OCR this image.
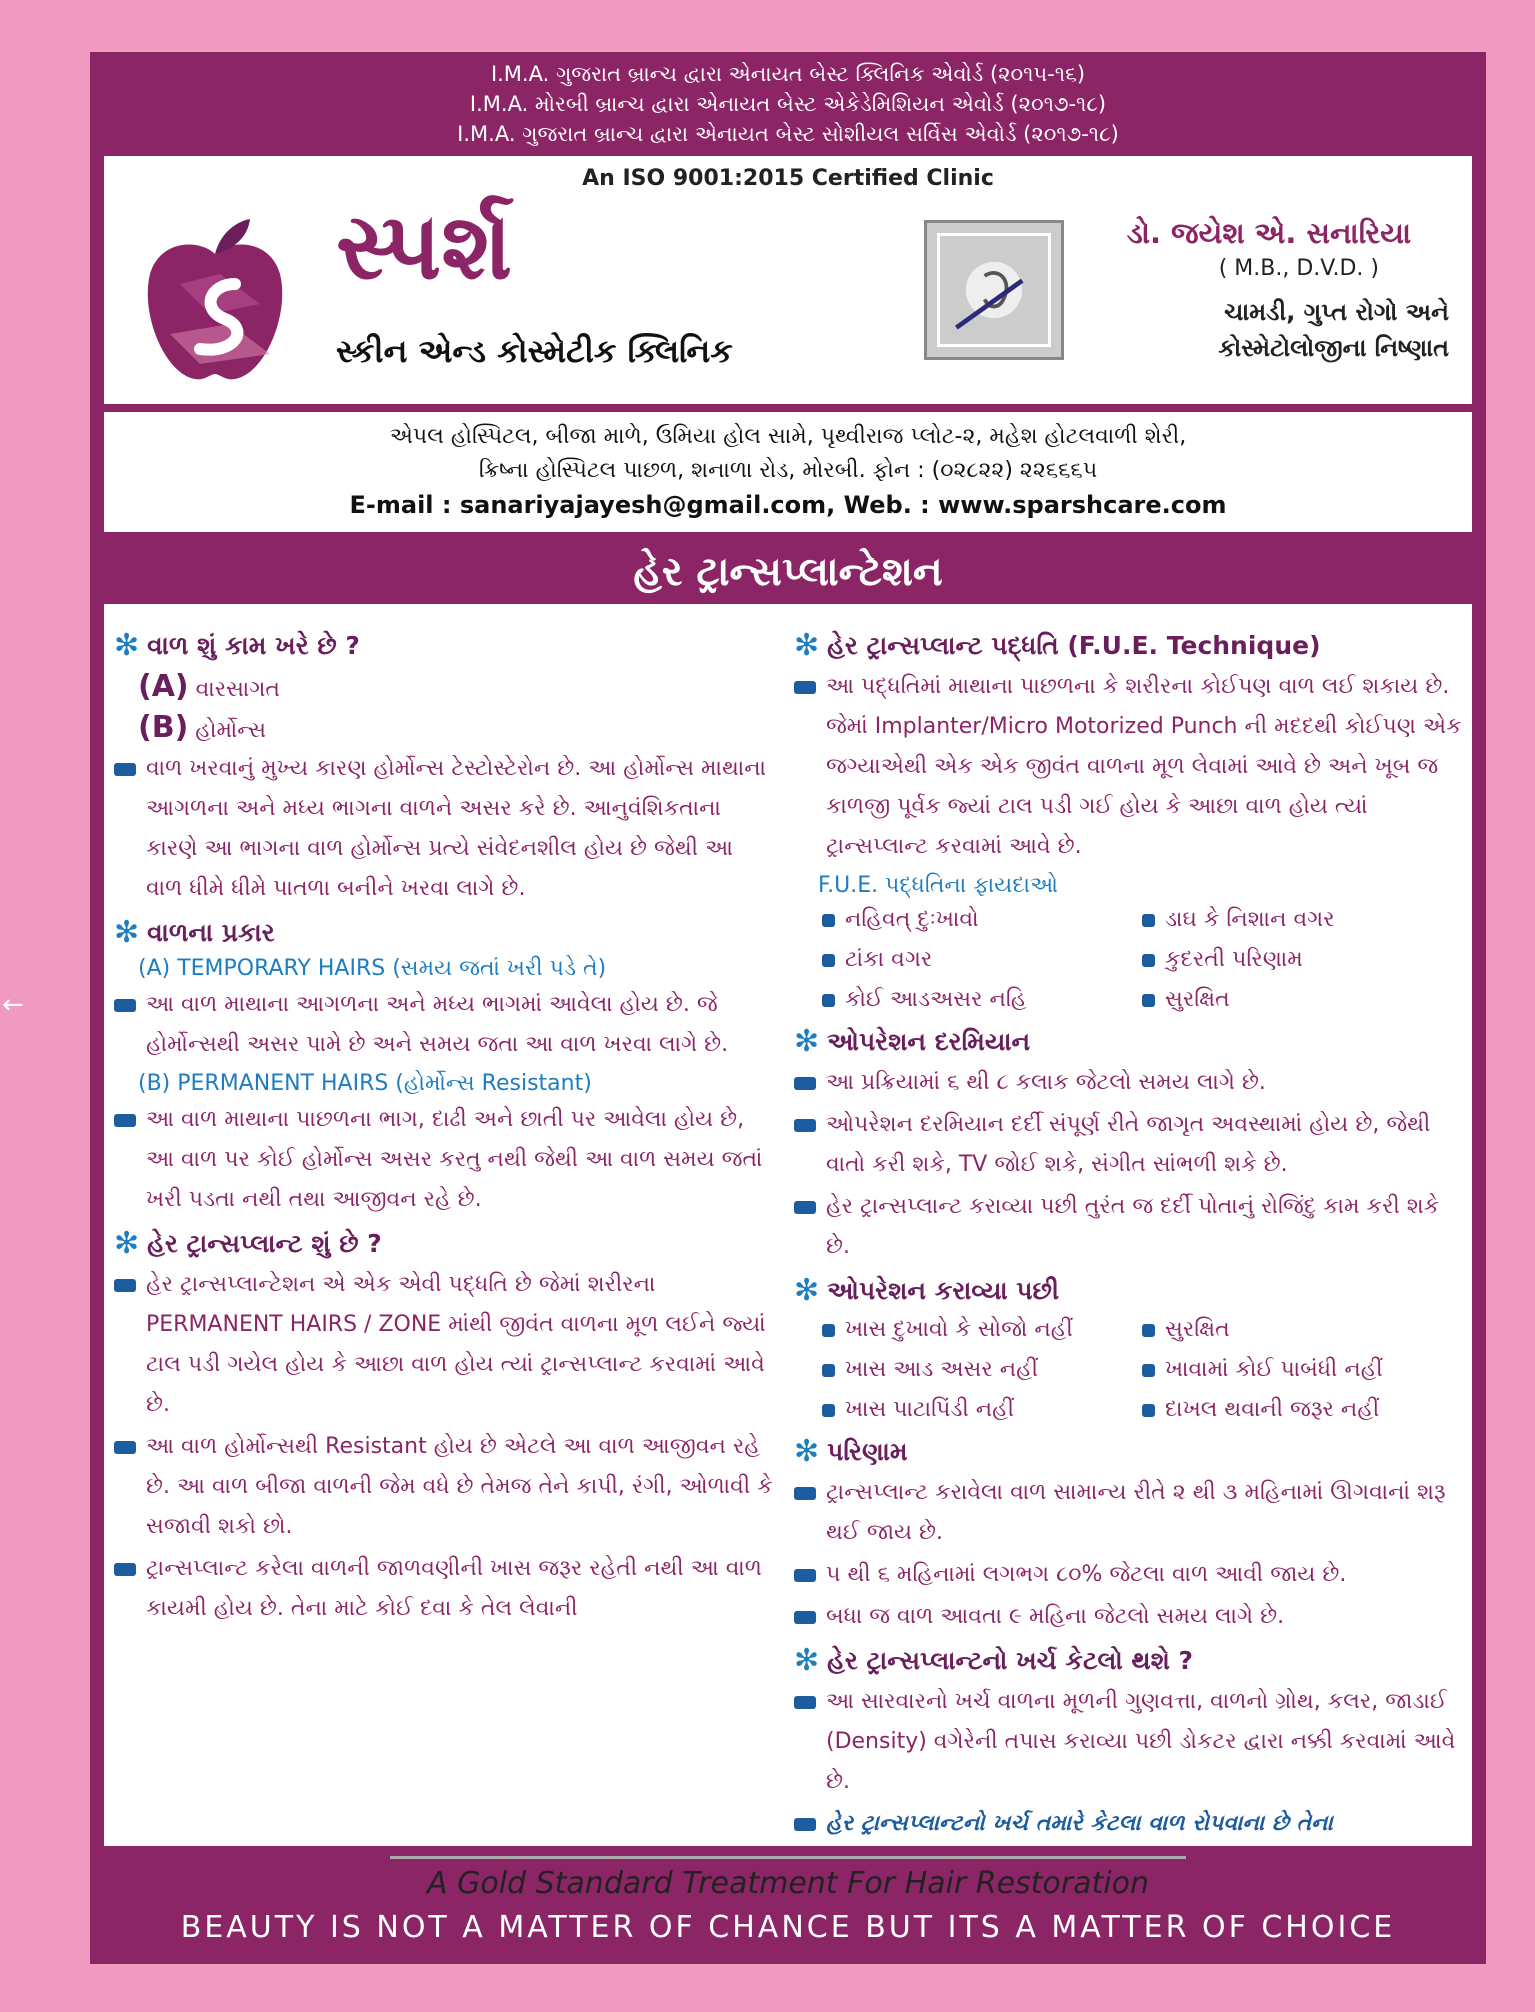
←
I.M.A. ગુજરાત બ્રાન્ચ દ્વારા એનાયત બેસ્ટ ક્લિનિક એવોર્ડ (૨૦૧૫-૧૬)
I.M.A. મોરબી બ્રાન્ચ દ્વારા એનાયત બેસ્ટ એકેડેમિશિયન એવોર્ડ (૨૦૧૭-૧૮)
I.M.A. ગુજરાત બ્રાન્ચ દ્વારા એનાયત બેસ્ટ સોશીયલ સર્વિસ એવોર્ડ (૨૦૧૭-૧૮)
An ISO 9001:2015 Certified Clinic
સ્પર્શ
સ્કીન એન્ડ કોસ્મેટીક ક્લિનિક
ડો. જયેશ એ. સનારિયા
( M.B., D.V.D. )
ચામડી, ગુપ્ત રોગો અને
કોસ્મેટોલોજીના નિષ્ણાત
એપલ હોસ્પિટલ, બીજા માળે, ઉમિયા હોલ સામે, પૃથ્વીરાજ પ્લોટ-૨, મહેશ હોટલવાળી શેરી,
ક્રિષ્ના હોસ્પિટલ પાછળ, શનાળા રોડ, મોરબી. ફોન : (૦૨૮૨૨) ૨૨૬૬૬૫
E-mail : sanariyajayesh@gmail.com, Web. : www.sparshcare.com
હેર ટ્રાન્સપ્લાન્ટેશન
✻ વાળ શું કામ ખરે છે ?
(A) વારસાગત
(B) હોર્મોન્સ
વાળ ખરવાનું મુખ્ય કારણ હોર્મોન્સ ટેસ્ટોસ્ટેરોન છે. આ હોર્મોન્સ માથાના આગળના અને મધ્ય ભાગના વાળને અસર કરે છે. આનુવંશિકતાના કારણે આ ભાગના વાળ હોર્મોન્સ પ્રત્યે સંવેદનશીલ હોય છે જેથી આ વાળ ધીમે ધીમે પાતળા બનીને ખરવા લાગે છે.
✻ વાળના પ્રકાર
(A) TEMPORARY HAIRS (સમય જતાં ખરી પડે તે)
આ વાળ માથાના આગળના અને મધ્ય ભાગમાં આવેલા હોય છે. જે હોર્મોન્સથી અસર પામે છે અને સમય જતા આ વાળ ખરવા લાગે છે.
(B) PERMANENT HAIRS (હોર્મોન્સ Resistant)
આ વાળ માથાના પાછળના ભાગ, દાઢી અને છાતી પર આવેલા હોય છે, આ વાળ પર કોઈ હોર્મોન્સ અસર કરતુ નથી જેથી આ વાળ સમય જતાં ખરી પડતા નથી તથા આજીવન રહે છે.
✻ હેર ટ્રાન્સપ્લાન્ટ શું છે ?
હેર ટ્રાન્સપ્લાન્ટેશન એ એક એવી પદ્ધતિ છે જેમાં શરીરના PERMANENT HAIRS / ZONE માંથી જીવંત વાળના મૂળ લઈને જ્યાં ટાલ પડી ગયેલ હોય કે આછા વાળ હોય ત્યાં ટ્રાન્સપ્લાન્ટ કરવામાં આવે છે.
આ વાળ હોર્મોન્સથી Resistant હોય છે એટલે આ વાળ આજીવન રહે છે. આ વાળ બીજા વાળની જેમ વધે છે તેમજ તેને કાપી, રંગી, ઓળાવી કે સજાવી શકો છો.
ટ્રાન્સપ્લાન્ટ કરેલા વાળની જાળવણીની ખાસ જરૂર રહેતી નથી આ વાળ કાયમી હોય છે. તેના માટે કોઈ દવા કે તેલ લેવાની
✻ હેર ટ્રાન્સપ્લાન્ટ પદ્ધતિ (F.U.E. Technique)
આ પદ્ધતિમાં માથાના પાછળના કે શરીરના કોઈપણ વાળ લઈ શકાય છે. જેમાં Implanter/Micro Motorized Punch ની મદદથી કોઈપણ એક જગ્યાએથી એક એક જીવંત વાળના મૂળ લેવામાં આવે છે અને ખૂબ જ કાળજી પૂર્વક જ્યાં ટાલ પડી ગઈ હોય કે આછા વાળ હોય ત્યાં ટ્રાન્સપ્લાન્ટ કરવામાં આવે છે.
F.U.E. પદ્ધતિના ફાયદાઓ
નહિવત્ દુઃખાવો	ડાઘ કે નિશાન વગર
ટાંકા વગર	કુદરતી પરિણામ
કોઈ આડઅસર નહિ	સુરક્ષિત
✻ ઓપરેશન દરમિયાન
આ પ્રક્રિયામાં ૬ થી ૮ કલાક જેટલો સમય લાગે છે.
ઓપરેશન દરમિયાન દર્દી સંપૂર્ણ રીતે જાગૃત અવસ્થામાં હોય છે, જેથી વાતો કરી શકે, TV જોઈ શકે, સંગીત સાંભળી શકે છે.
હેર ટ્રાન્સપ્લાન્ટ કરાવ્યા પછી તુરંત જ દર્દી પોતાનું રોજિંદુ કામ કરી શકે છે.
✻ ઓપરેશન કરાવ્યા પછી
ખાસ દુખાવો કે સોજો નહીં	સુરક્ષિત
ખાસ આડ અસર નહીં	ખાવામાં કોઈ પાબંધી નહીં
ખાસ પાટાપિંડી નહીં	દાખલ થવાની જરૂર નહીં
✻ પરિણામ
ટ્રાન્સપ્લાન્ટ કરાવેલા વાળ સામાન્ય રીતે ૨ થી ૩ મહિનામાં ઊગવાનાં શરૂ થઈ જાય છે.
૫ થી ૬ મહિનામાં લગભગ ૮૦% જેટલા વાળ આવી જાય છે.
બધા જ વાળ આવતા ૯ મહિના જેટલો સમય લાગે છે.
✻ હેર ટ્રાન્સપ્લાન્ટનો ખર્ચ કેટલો થશે ?
આ સારવારનો ખર્ચ વાળના મૂળની ગુણવત્તા, વાળનો ગ્રોથ, કલર, જાડાઈ (Density) વગેરેની તપાસ કરાવ્યા પછી ડોકટર દ્વારા નક્કી કરવામાં આવે છે.
હેર ટ્રાન્સપ્લાન્ટનો ખર્ચ તમારે કેટલા વાળ રોપવાના છે તેના
A Gold Standard Treatment For Hair Restoration
BEAUTY IS NOT A MATTER OF CHANCE BUT ITS A MATTER OF CHOICE
